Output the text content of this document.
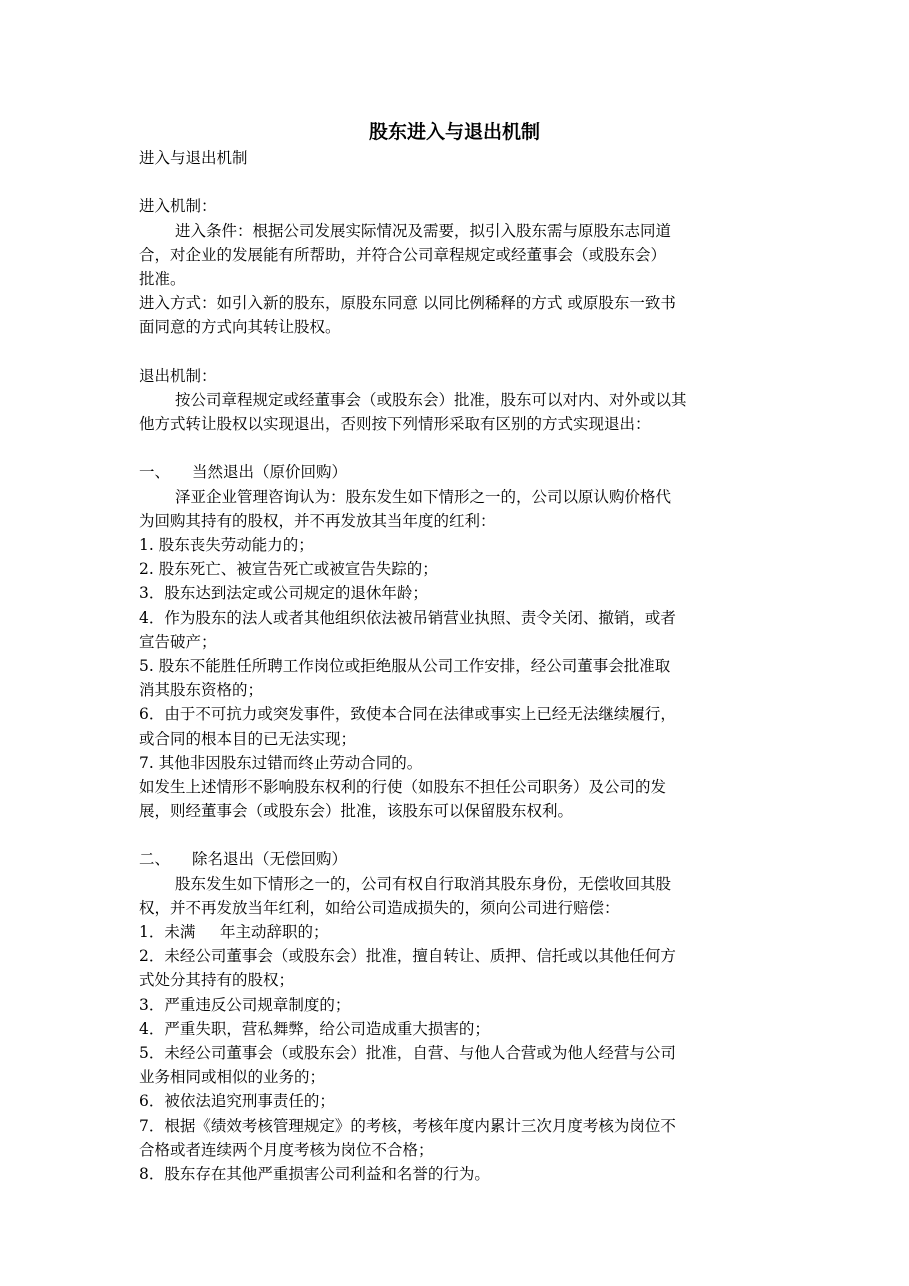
股东进入与退出机制
进入与退出机制
进入机制：
进入条件：根据公司发展实际情况及需要，拟引入股东需与原股东志同道
合，对企业的发展能有所帮助，并符合公司章程规定或经董事会（或股东会）
批准。
进入方式：如引入新的股东，原股东同意 以同比例稀释的方式 或原股东一致书
面同意的方式向其转让股权。
退出机制：
按公司章程规定或经董事会（或股东会）批准，股东可以对内、对外或以其
他方式转让股权以实现退出，否则按下列情形采取有区别的方式实现退出：
一、 当然退出（原价回购）
泽亚企业管理咨询认为：股东发生如下情形之一的，公司以原认购价格代
为回购其持有的股权，并不再发放其当年度的红利：
1. 股东丧失劳动能力的；
2. 股东死亡、被宣告死亡或被宣告失踪的；
3．股东达到法定或公司规定的退休年龄；
4．作为股东的法人或者其他组织依法被吊销营业执照、责令关闭、撤销，或者
宣告破产；
5. 股东不能胜任所聘工作岗位或拒绝服从公司工作安排，经公司董事会批准取
消其股东资格的；
6．由于不可抗力或突发事件，致使本合同在法律或事实上已经无法继续履行，
或合同的根本目的已无法实现；
7. 其他非因股东过错而终止劳动合同的。
如发生上述情形不影响股东权利的行使（如股东不担任公司职务）及公司的发
展，则经董事会（或股东会）批准，该股东可以保留股东权利。
二、 除名退出（无偿回购）
股东发生如下情形之一的，公司有权自行取消其股东身份，无偿收回其股
权，并不再发放当年红利，如给公司造成损失的，须向公司进行赔偿：
1．未满     年主动辞职的；
2．未经公司董事会（或股东会）批准，擅自转让、质押、信托或以其他任何方
式处分其持有的股权；
3．严重违反公司规章制度的；
4．严重失职，营私舞弊，给公司造成重大损害的；
5．未经公司董事会（或股东会）批准，自营、与他人合营或为他人经营与公司
业务相同或相似的业务的；
6．被依法追究刑事责任的；
7．根据《绩效考核管理规定》的考核，考核年度内累计三次月度考核为岗位不
合格或者连续两个月度考核为岗位不合格；
8．股东存在其他严重损害公司利益和名誉的行为。
